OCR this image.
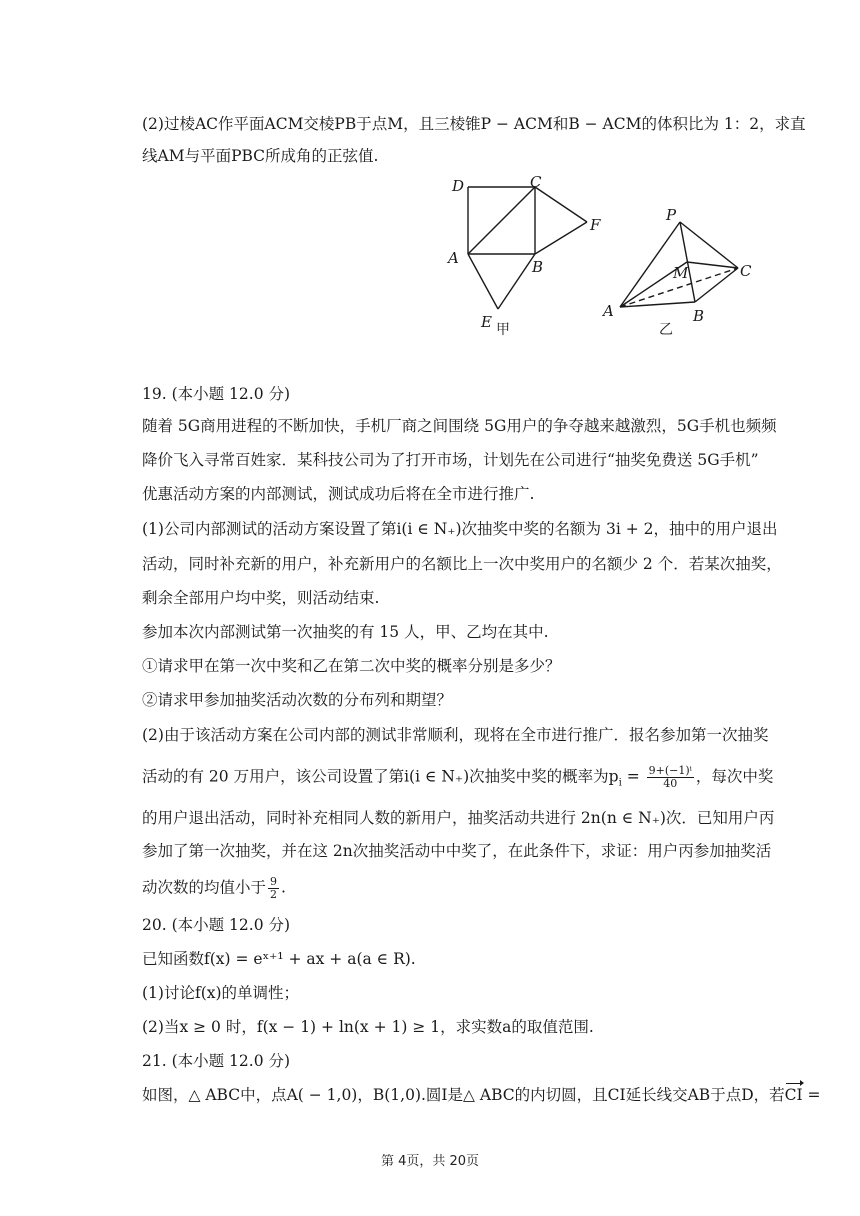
(2)过棱AC作平面ACM交棱PB于点M，且三棱锥P − ACM和B − ACM的体积比为 1：2，求直
线AM与平面PBC所成角的正弦值.
D	C
F
A	B
E 甲
P
M	C
A	B
乙
19. (本小题 12.0 分)
随着 5G商用进程的不断加快，手机厂商之间围绕 5G用户的争夺越来越激烈，5G手机也频频
降价飞入寻常百姓家．某科技公司为了打开市场，计划先在公司进行“抽奖免费送 5G手机”
优惠活动方案的内部测试，测试成功后将在全市进行推广.
(1)公司内部测试的活动方案设置了第i(i ∈ N₊)次抽奖中奖的名额为 3i + 2，抽中的用户退出
活动，同时补充新的用户，补充新用户的名额比上一次中奖用户的名额少 2 个．若某次抽奖，
剩余全部用户均中奖，则活动结束.
参加本次内部测试第一次抽奖的有 15 人，甲、乙均在其中.
①请求甲在第一次中奖和乙在第二次中奖的概率分别是多少？
②请求甲参加抽奖活动次数的分布列和期望？
(2)由于该活动方案在公司内部的测试非常顺利，现将在全市进行推广．报名参加第一次抽奖
活动的有 20 万用户，该公司设置了第i(i ∈ N₊)次抽奖中奖的概率为$p_i = \frac{\text{9+(−1)ⁱ}}{40}$ ，每次中奖
的用户退出活动，同时补充相同人数的新用户，抽奖活动共进行 2n(n ∈ N₊)次．已知用户丙
参加了第一次抽奖，并在这 2n次抽奖活动中中奖了，在此条件下，求证：用户丙参加抽奖活
动次数的均值小于 $\frac{9}{2}$ .
20. (本小题 12.0 分)
已知函数f(x) = eˣ⁺¹ + ax + a(a ∈ R).
(1)讨论f(x)的单调性；
(2)当x ≥ 0 时，f(x − 1) + ln(x + 1) ≥ 1，求实数a的取值范围.
21. (本小题 12.0 分)
如图，△ ABC中，点A( − 1,0)，B(1,0).圆I是△ ABC的内切圆，且CI延长线交AB于点D，若CI =
第 4页，共 20页
